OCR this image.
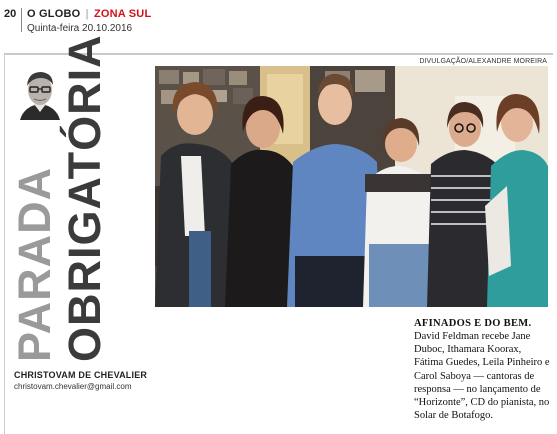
20 O GLOBO | ZONA SUL
Quinta-feira 20.10.2016
DIVULGAÇÃO/ALEXANDRE MOREIRA
PARADA OBRIGATÓRIA
CHRISTOVAM DE CHEVALIER
christovam.chevalier@gmail.com
AFINADOS E DO BEM.
David Feldman recebe Jane Duboc, Ithamara Koorax, Fátima Guedes, Leila Pinheiro e Carol Saboya — cantoras de responsa — no lançamento de “Horizonte”, CD do pianista, no Solar de Botafogo.
